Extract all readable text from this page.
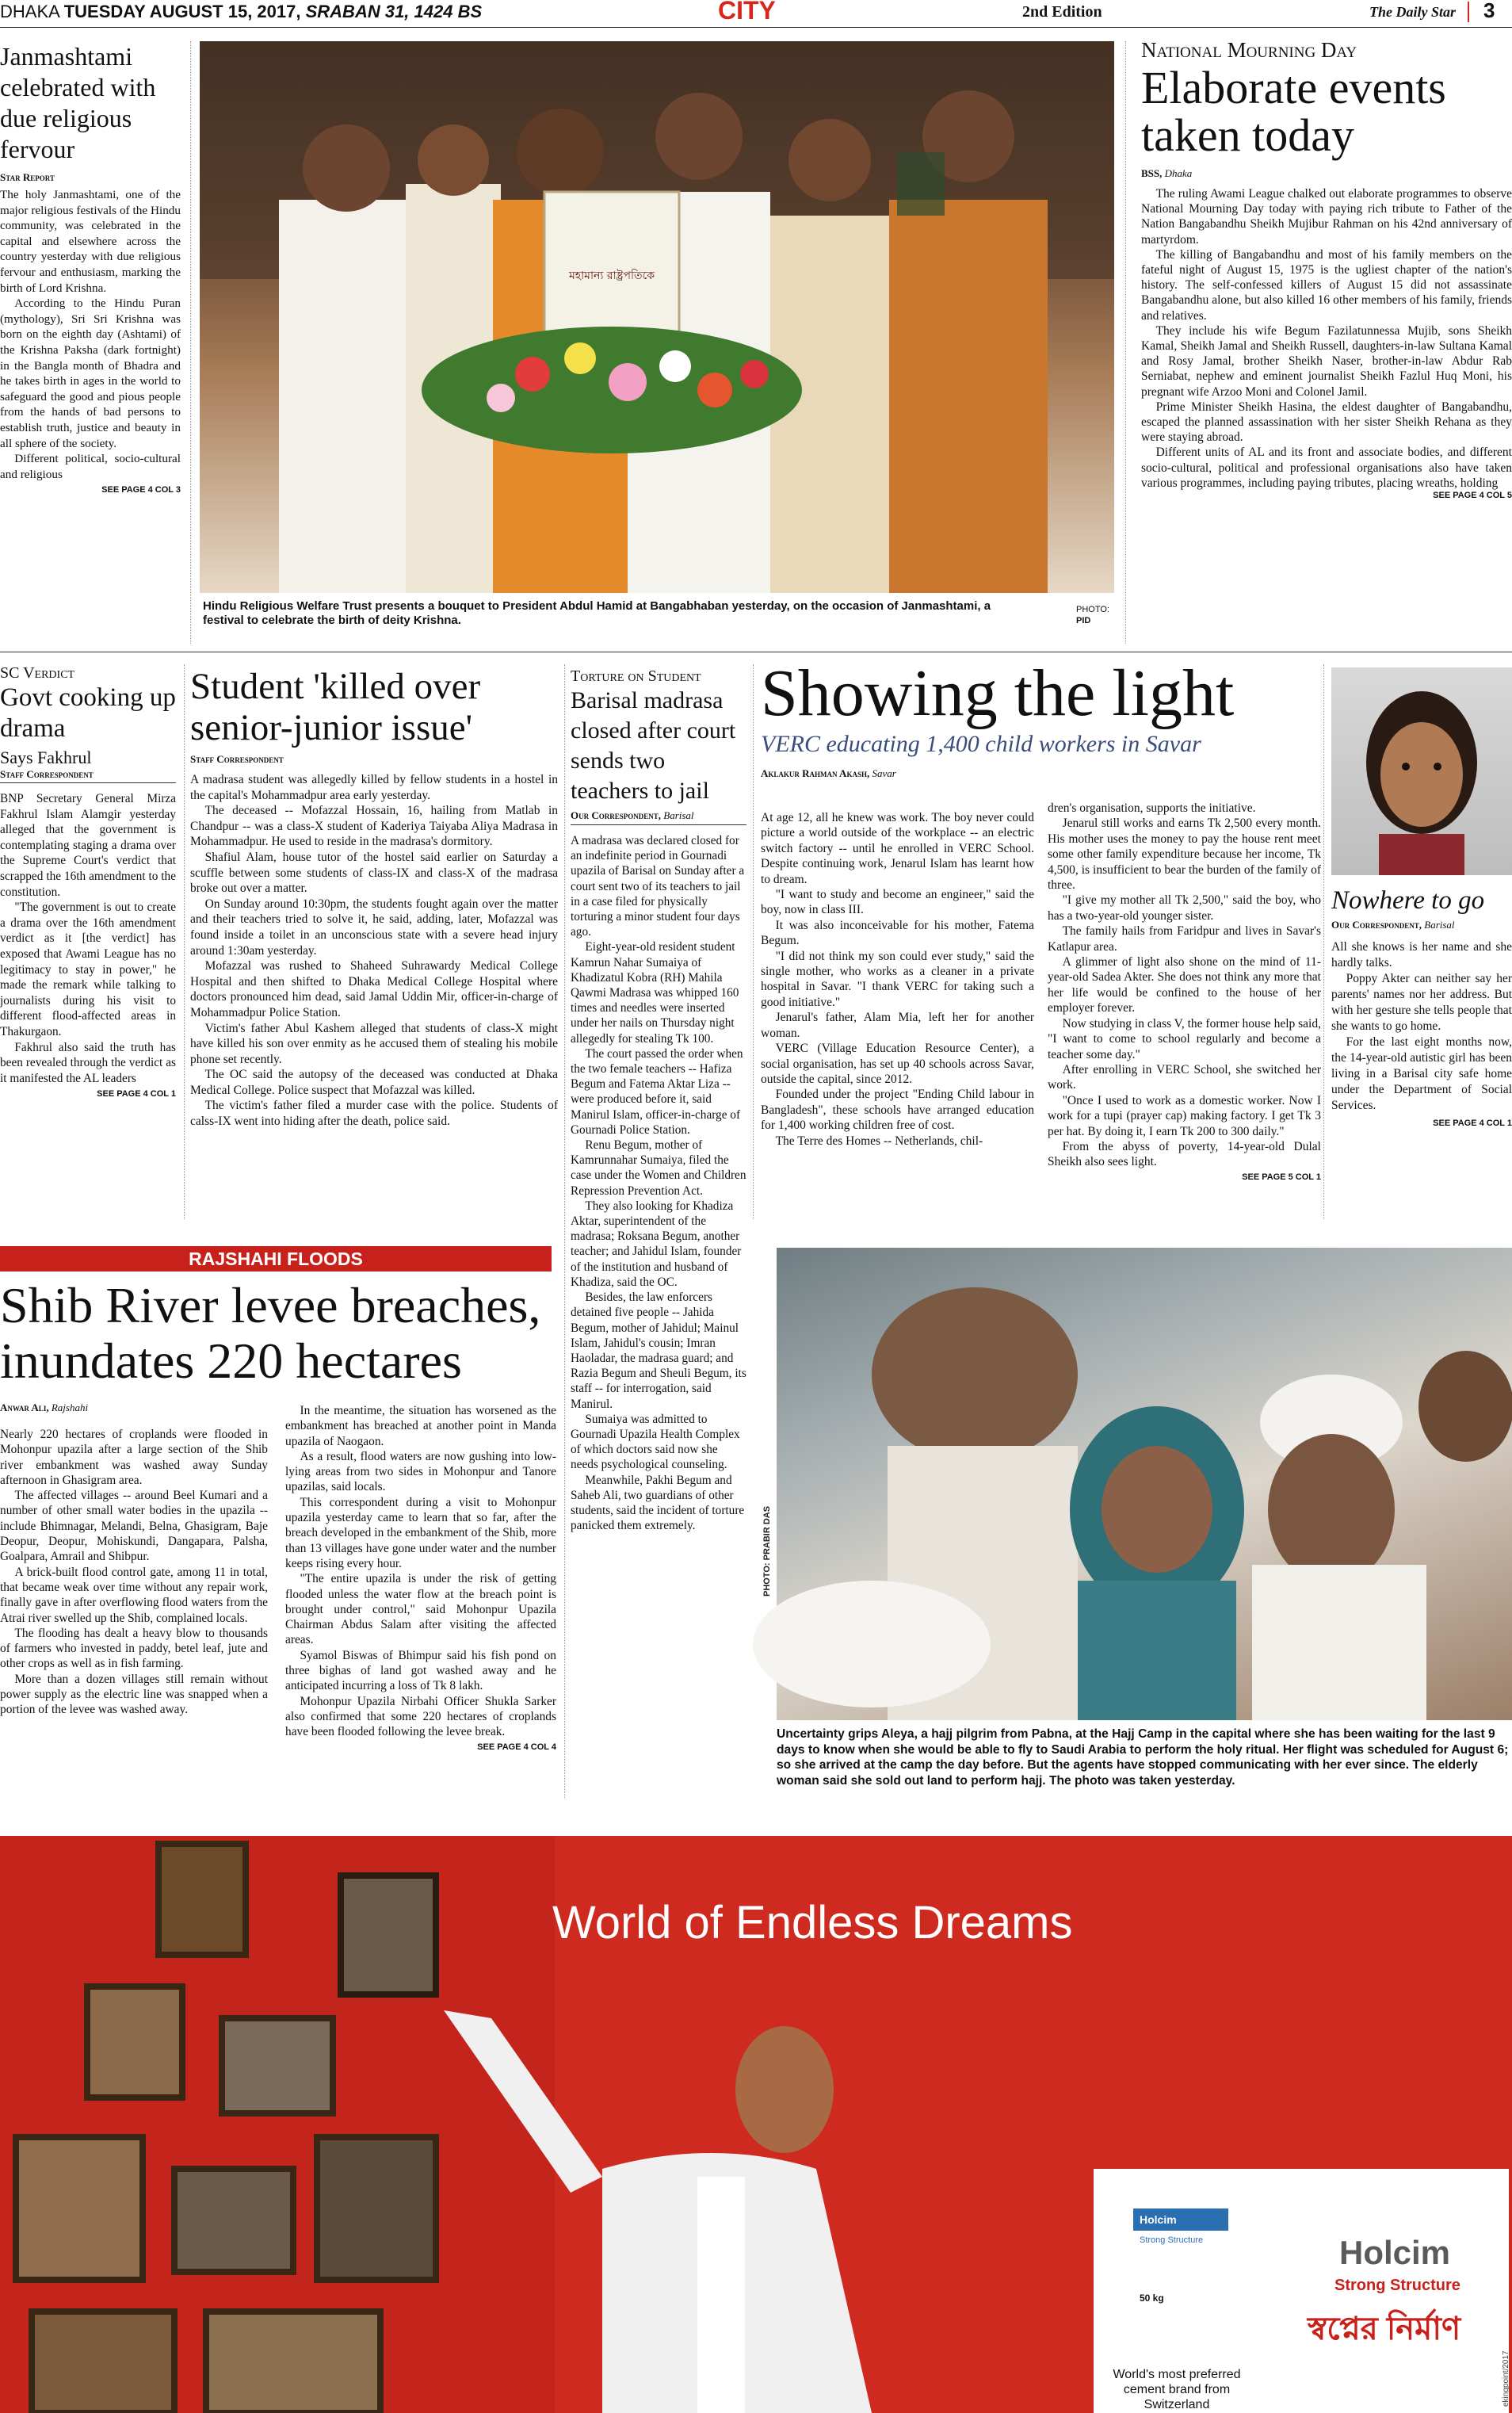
DHAKA TUESDAY AUGUST 15, 2017, SRABAN 31, 1424 BS	CITY	2nd Edition	The Daily Star 3
Janmashtami celebrated with due religious fervour
Star Report
The holy Janmashtami, one of the major religious festivals of the Hindu community, was celebrated in the capital and elsewhere across the country yesterday with due religious fervour and enthusiasm, marking the birth of Lord Krishna.
According to the Hindu Puran (mythology), Sri Sri Krishna was born on the eighth day (Ashtami) of the Krishna Paksha (dark fortnight) in the Bangla month of Bhadra and he takes birth in ages in the world to safeguard the good and pious people from the hands of bad persons to establish truth, justice and beauty in all sphere of the society.
Different political, socio-cultural and religious
SEE PAGE 4 COL 3
মহামান্য রাষ্ট্রপতিকে
Hindu Religious Welfare Trust presents a bouquet to President Abdul Hamid at Bangabhaban yesterday, on the occasion of Janmashtami, a festival to celebrate the birth of deity Krishna.
PHOTO:
PID
National Mourning Day
Elaborate events taken today
BSS, Dhaka
The ruling Awami League chalked out elaborate programmes to observe National Mourning Day today with paying rich tribute to Father of the Nation Bangabandhu Sheikh Mujibur Rahman on his 42nd anniversary of martyrdom.
The killing of Bangabandhu and most of his family members on the fateful night of August 15, 1975 is the ugliest chapter of the nation's history. The self-confessed killers of August 15 did not assassinate Bangabandhu alone, but also killed 16 other members of his family, friends and relatives.
They include his wife Begum Fazilatunnessa Mujib, sons Sheikh Kamal, Sheikh Jamal and Sheikh Russell, daughters-in-law Sultana Kamal and Rosy Jamal, brother Sheikh Naser, brother-in-law Abdur Rab Serniabat, nephew and eminent journalist Sheikh Fazlul Huq Moni, his pregnant wife Arzoo Moni and Colonel Jamil.
Prime Minister Sheikh Hasina, the eldest daughter of Bangabandhu, escaped the planned assassination with her sister Sheikh Rehana as they were staying abroad.
Different units of AL and its front and associate bodies, and different socio-cultural, political and professional organisations also have taken various programmes, including paying tributes, placing wreaths, holding
SEE PAGE 4 COL 5
SC Verdict
Govt cooking up drama
Says Fakhrul
Staff Correspondent
BNP Secretary General Mirza Fakhrul Islam Alamgir yesterday alleged that the government is contemplating staging a drama over the Supreme Court's verdict that scrapped the 16th amendment to the constitution.
"The government is out to create a drama over the 16th amendment verdict as it [the verdict] has exposed that Awami League has no legitimacy to stay in power," he made the remark while talking to journalists during his visit to different flood-affected areas in Thakurgaon.
Fakhrul also said the truth has been revealed through the verdict as it manifested the AL leaders
SEE PAGE 4 COL 1
Student 'killed over senior-junior issue'
Staff Correspondent
A madrasa student was allegedly killed by fellow students in a hostel in the capital's Mohammadpur area early yesterday.
The deceased -- Mofazzal Hossain, 16, hailing from Matlab in Chandpur -- was a class-X student of Kaderiya Taiyaba Aliya Madrasa in Mohammadpur. He used to reside in the madrasa's dormitory.
Shafiul Alam, house tutor of the hostel said earlier on Saturday a scuffle between some students of class-IX and class-X of the madrasa broke out over a matter.
On Sunday around 10:30pm, the students fought again over the matter and their teachers tried to solve it, he said, adding, later, Mofazzal was found inside a toilet in an unconscious state with a severe head injury around 1:30am yesterday.
Mofazzal was rushed to Shaheed Suhrawardy Medical College Hospital and then shifted to Dhaka Medical College Hospital where doctors pronounced him dead, said Jamal Uddin Mir, officer-in-charge of Mohammadpur Police Station.
Victim's father Abul Kashem alleged that students of class-X might have killed his son over enmity as he accused them of stealing his mobile phone set recently.
The OC said the autopsy of the deceased was conducted at Dhaka Medical College. Police suspect that Mofazzal was killed.
The victim's father filed a murder case with the police. Students of calss-IX went into hiding after the death, police said.
Torture on Student
Barisal madrasa closed after court sends two teachers to jail
Our Correspondent, Barisal
A madrasa was declared closed for an indefinite period in Gournadi upazila of Barisal on Sunday after a court sent two of its teachers to jail in a case filed for physically torturing a minor student four days ago.
Eight-year-old resident student Kamrun Nahar Sumaiya of Khadizatul Kobra (RH) Mahila Qawmi Madrasa was whipped 160 times and needles were inserted under her nails on Thursday night allegedly for stealing Tk 100.
The court passed the order when the two female teachers -- Hafiza Begum and Fatema Aktar Liza -- were produced before it, said Manirul Islam, officer-in-charge of Gournadi Police Station.
Renu Begum, mother of Kamrunnahar Sumaiya, filed the case under the Women and Children Repression Prevention Act.
They also looking for Khadiza Aktar, superintendent of the madrasa; Roksana Begum, another teacher; and Jahidul Islam, founder of the institution and husband of Khadiza, said the OC.
Besides, the law enforcers detained five people -- Jahida Begum, mother of Jahidul; Mainul Islam, Jahidul's cousin; Imran Haoladar, the madrasa guard; and Razia Begum and Sheuli Begum, its staff -- for interrogation, said Manirul.
Sumaiya was admitted to Gournadi Upazila Health Complex of which doctors said now she needs psychological counseling.
Meanwhile, Pakhi Begum and Saheb Ali, two guardians of other students, said the incident of torture panicked them extremely.
Showing the light
VERC educating 1,400 child workers in Savar
Aklakur Rahman Akash, Savar
At age 12, all he knew was work. The boy never could picture a world outside of the workplace -- an electric switch factory -- until he enrolled in VERC School. Despite continuing work, Jenarul Islam has learnt how to dream.
"I want to study and become an engineer," said the boy, now in class III.
It was also inconceivable for his mother, Fatema Begum.
"I did not think my son could ever study," said the single mother, who works as a cleaner in a private hospital in Savar. "I thank VERC for taking such a good initiative."
Jenarul's father, Alam Mia, left her for another woman.
VERC (Village Education Resource Center), a social organisation, has set up 40 schools across Savar, outside the capital, since 2012.
Founded under the project "Ending Child labour in Bangladesh", these schools have arranged education for 1,400 working children free of cost.
The Terre des Homes -- Netherlands, chil-
dren's organisation, supports the initiative.
Jenarul still works and earns Tk 2,500 every month. His mother uses the money to pay the house rent meet some other family expenditure because her income, Tk 4,500, is insufficient to bear the burden of the family of three.
"I give my mother all Tk 2,500," said the boy, who has a two-year-old younger sister.
The family hails from Faridpur and lives in Savar's Katlapur area.
A glimmer of light also shone on the mind of 11-year-old Sadea Akter. She does not think any more that her life would be confined to the house of her employer forever.
Now studying in class V, the former house help said, "I want to come to school regularly and become a teacher some day."
After enrolling in VERC School, she switched her work.
"Once I used to work as a domestic worker. Now I work for a tupi (prayer cap) making factory. I get Tk 3 per hat. By doing it, I earn Tk 200 to 300 daily."
From the abyss of poverty, 14-year-old Dulal Sheikh also sees light.
SEE PAGE 5 COL 1
Nowhere to go
Our Correspondent, Barisal
All she knows is her name and she hardly talks.
Poppy Akter can neither say her parents' names nor her address. But with her gesture she tells people that she wants to go home.
For the last eight months now, the 14-year-old autistic girl has been living in a Barisal city safe home under the Department of Social Services.
SEE PAGE 4 COL 1
RAJSHAHI FLOODS
Shib River levee breaches, inundates 220 hectares
Anwar Ali, Rajshahi
Nearly 220 hectares of croplands were flooded in Mohonpur upazila after a large section of the Shib river embankment was washed away Sunday afternoon in Ghasigram area.
The affected villages -- around Beel Kumari and a number of other small water bodies in the upazila -- include Bhimnagar, Melandi, Belna, Ghasigram, Baje Deopur, Deopur, Mohiskundi, Dangapara, Palsha, Goalpara, Amrail and Shibpur.
A brick-built flood control gate, among 11 in total, that became weak over time without any repair work, finally gave in after overflowing flood waters from the Atrai river swelled up the Shib, complained locals.
The flooding has dealt a heavy blow to thousands of farmers who invested in paddy, betel leaf, jute and other crops as well as in fish farming.
More than a dozen villages still remain without power supply as the electric line was snapped when a portion of the levee was washed away.
In the meantime, the situation has worsened as the embankment has breached at another point in Manda upazila of Naogaon.
As a result, flood waters are now gushing into low-lying areas from two sides in Mohonpur and Tanore upazilas, said locals.
This correspondent during a visit to Mohonpur upazila yesterday came to learn that so far, after the breach developed in the embankment of the Shib, more than 13 villages have gone under water and the number keeps rising every hour.
"The entire upazila is under the risk of getting flooded unless the water flow at the breach point is brought under control," said Mohonpur Upazila Chairman Abdus Salam after visiting the affected areas.
Syamol Biswas of Bhimpur said his fish pond on three bighas of land got washed away and he anticipated incurring a loss of Tk 8 lakh.
Mohonpur Upazila Nirbahi Officer Shukla Sarker also confirmed that some 220 hectares of croplands have been flooded following the levee break.
SEE PAGE 4 COL 4
PHOTO: PRABIR DAS
Uncertainty grips Aleya, a hajj pilgrim from Pabna, at the Hajj Camp in the capital where she has been waiting for the last 9 days to know when she would be able to fly to Saudi Arabia to perform the holy ritual. Her flight was scheduled for August 6; so she arrived at the camp the day before. But the agents have stopped communicating with her ever since. The elderly woman said she sold out land to perform hajj. The photo was taken yesterday.
World of Endless Dreams
Holcim
Strong Structure
50 kg
Holcim
Strong Structure
স্বপ্নের নির্মাণ
World's most preferred cement brand from Switzerland	ekingpoint/2017
